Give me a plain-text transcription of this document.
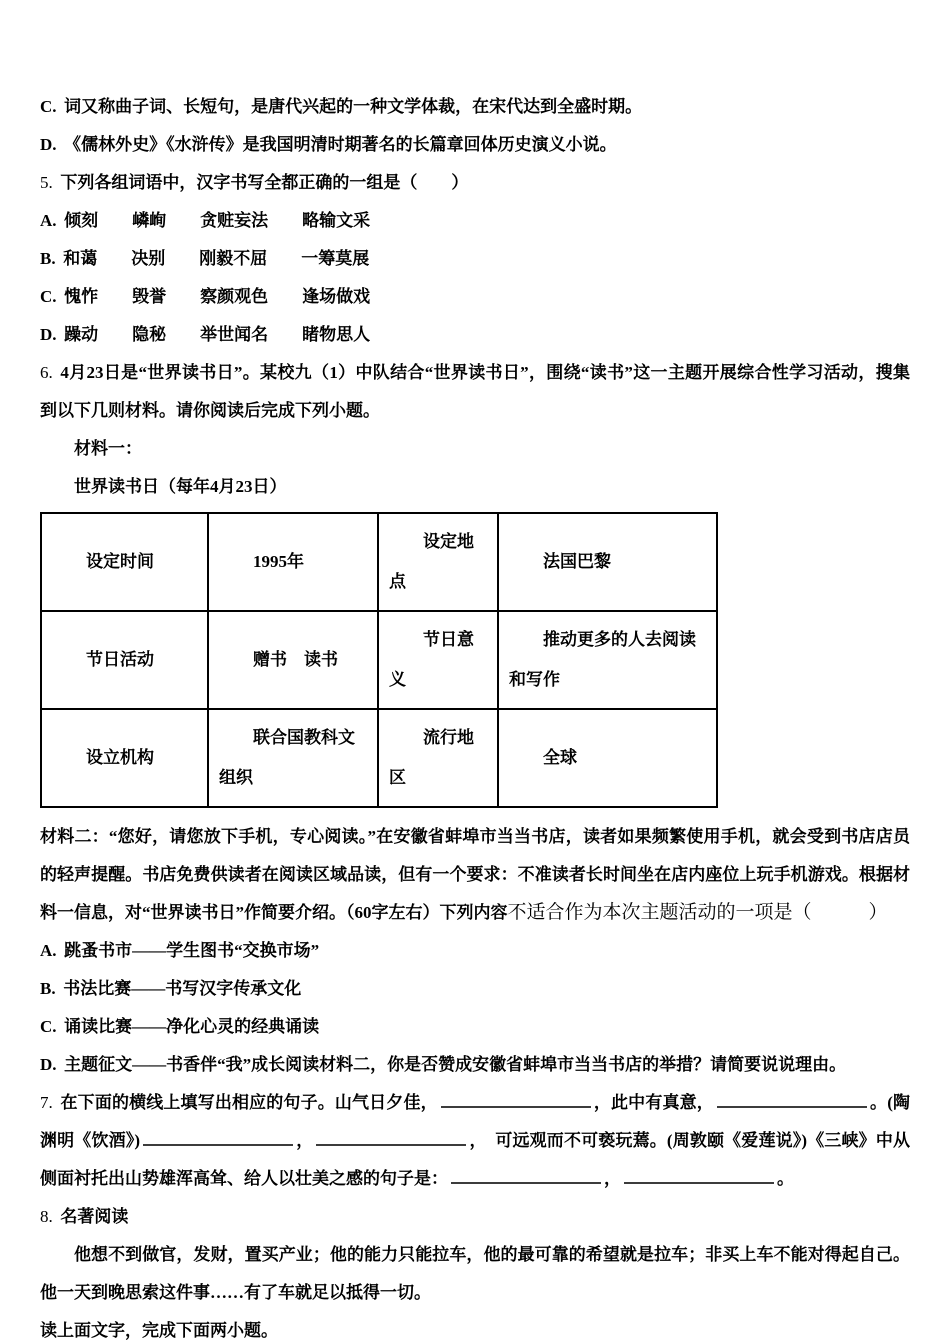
C. 词又称曲子词、长短句，是唐代兴起的一种文学体裁，在宋代达到全盛时期。

D. 《儒林外史》《水浒传》是我国明清时期著名的长篇章回体历史演义小说。

5. 下列各组词语中，汉字书写全都正确的一组是（　　）

A. 倾刻　　嶙峋　　贪赃妄法　　略输文采

B. 和蔼　　决别　　刚毅不屈　　一筹莫展

C. 愧怍　　毁誉　　察颜观色　　逢场做戏

D. 躁动　　隐秘　　举世闻名　　睹物思人

6. 4月23日是“世界读书日”。某校九（1）中队结合“世界读书日”，围绕“读书”这一主题开展综合性学习活动，搜集到以下几则材料。请你阅读后完成下列小题。

材料一：

世界读书日（每年4月23日）

设定时间	1995年	设定地点	法国巴黎
节日活动	赠书　读书	节日意义	推动更多的人去阅读和写作
设立机构	联合国教科文组织	流行地区	全球

材料二：“您好，请您放下手机，专心阅读。”在安徽省蚌埠市当当书店，读者如果频繁使用手机，就会受到书店店员的轻声提醒。书店免费供读者在阅读区域品读，但有一个要求：不准读者长时间坐在店内座位上玩手机游戏。根据材料一信息，对“世界读书日”作简要介绍。（60字左右）下列内容不适合作为本次主题活动的一项是（　　　）

A. 跳蚤书市——学生图书“交换市场”

B. 书法比赛——书写汉字传承文化

C. 诵读比赛——净化心灵的经典诵读

D. 主题征文——书香伴“我”成长阅读材料二，你是否赞成安徽省蚌埠市当当书店的举措？请简要说说理由。

7. 在下面的横线上填写出相应的句子。山气日夕佳，	，此中有真意，	。(陶渊明《饮酒》)	，	，　可远观而不可亵玩蔫。(周敦颐《爱莲说》)《三峡》中从侧面衬托出山势雄浑高耸、给人以壮美之感的句子是：	，	。

8. 名著阅读

他想不到做官，发财，置买产业；他的能力只能拉车，他的最可靠的希望就是拉车；非买上车不能对得起自己。他一天到晚思索这件事……有了车就足以抵得一切。

读上面文字，完成下面两小题。
